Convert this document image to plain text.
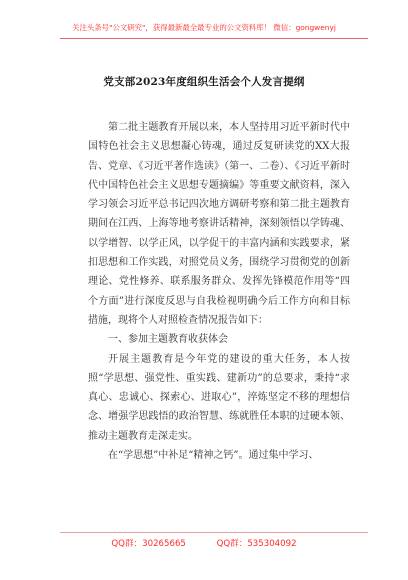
关注头条号"公文研究"，获得最新最全最专业的公文资料库！ 微信：gongwenyj
党支部2023年度组织生活会个人发言提纲

第二批主题教育开展以来，本人坚持用习近平新时代中国特色社会主义思想凝心铸魂，通过反复研读党的XX大报告、党章、《习近平著作选读》（第一、二卷）、《习近平新时代中国特色社会主义思想专题摘编》等重要文献资料，深入学习领会习近平总书记四次地方调研考察和第二批主题教育期间在江西、上海等地考察讲话精神，深刻领悟以学铸魂、以学增智、以学正风，以学促干的丰富内涵和实践要求，紧扣思想和工作实践，对照党员义务，围绕学习贯彻党的创新理论、党性修养、联系服务群众、发挥先锋模范作用等“四个方面”进行深度反思与自我检视明确今后工作方向和目标措施，现将个人对照检查情况报告如下：

一、参加主题教育收获体会

开展主题教育是今年党的建设的重大任务，本人按照“学思想、强党性、重实践、建新功”的总要求，秉持“求真心、忠诚心、探索心、进取心”，淬炼坚定不移的理想信念、增强学思践悟的政治智慧、练就胜任本职的过硬本领、推动主题教育走深走实。

在“学思想”中补足“精神之钙”。通过集中学习、

QQ群：30265665	QQ群：535304092
